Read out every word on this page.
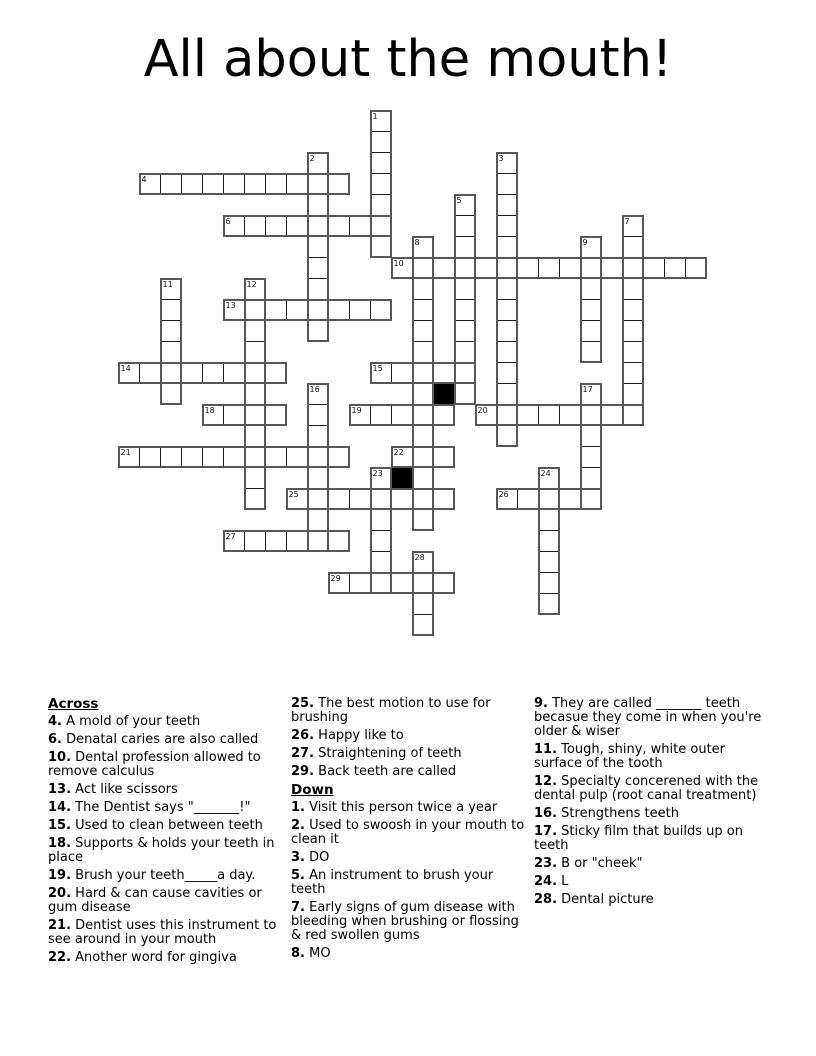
All about the mouth!
4
6
10
13
14	15
18	19	20
21	22
25	26
27
29
1
2	3
5
7
8	9
11	12
16	17
23	24
28
Across
4. A mold of your teeth
6. Denatal caries are also called
10. Dental profession allowed to remove calculus
13. Act like scissors
14. The Dentist says "_______!"
15. Used to clean between teeth
18. Supports & holds your teeth in place
19. Brush your teeth_____a day.
20. Hard & can cause cavities or gum disease
21. Dentist uses this instrument to see around in your mouth
22. Another word for gingiva
25. The best motion to use for brushing
26. Happy like to
27. Straightening of teeth
29. Back teeth are called
Down
1. Visit this person twice a year
2. Used to swoosh in your mouth to clean it
3. DO
5. An instrument to brush your teeth
7. Early signs of gum disease with bleeding when brushing or flossing & red swollen gums
8. MO
9. They are called _______ teeth becasue they come in when you're older & wiser
11. Tough, shiny, white outer surface of the tooth
12. Specialty concerened with the dental pulp (root canal treatment)
16. Strengthens teeth
17. Sticky film that builds up on teeth
23. B or "cheek"
24. L
28. Dental picture
